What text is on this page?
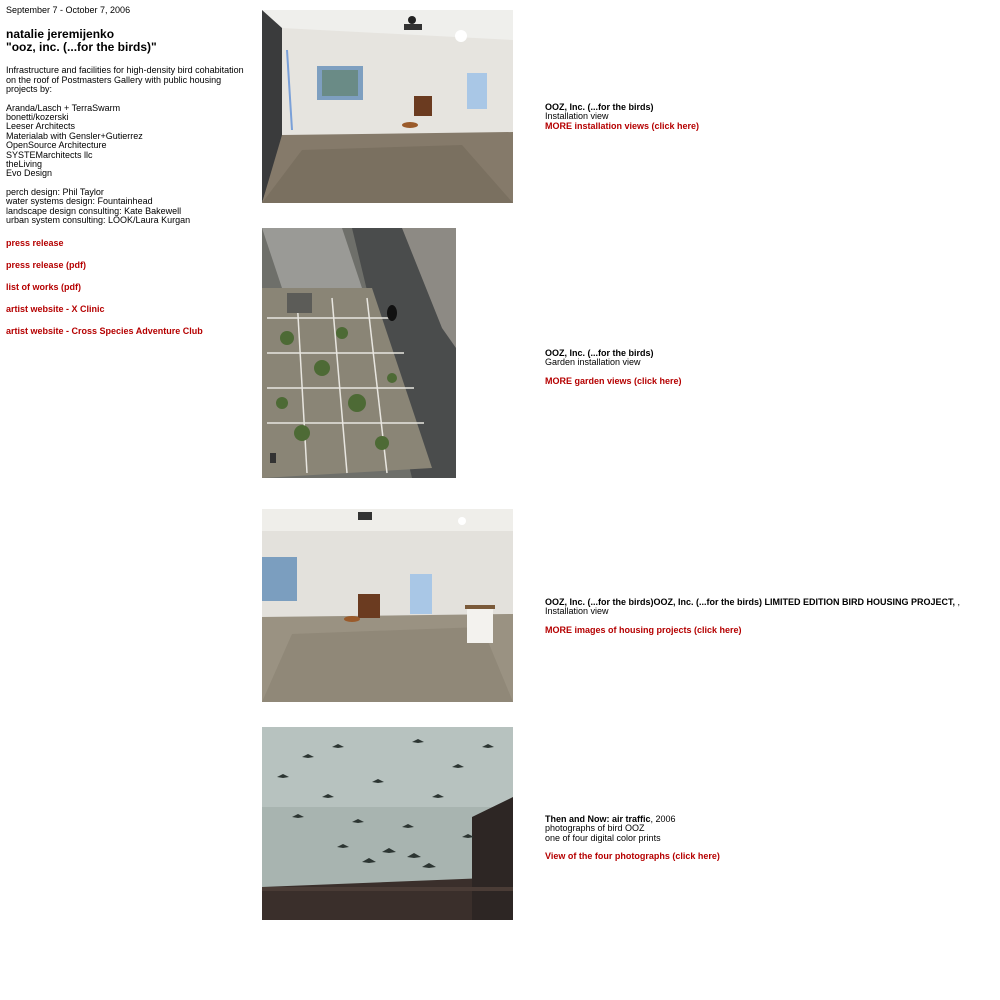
September 7 - October 7, 2006
natalie jeremijenko
"ooz, inc. (...for the birds)"
Infrastructure and facilities for high-density bird cohabitation on the roof of Postmasters Gallery with public housing projects by:
Aranda/Lasch + TerraSwarm
bonetti/kozerski
Leeser Architects
Materialab with Gensler+Gutierrez
OpenSource Architecture
SYSTEMarchitects llc
theLiving
Evo Design
perch design: Phil Taylor
water systems design: Fountainhead
landscape design consulting: Kate Bakewell
urban system consulting: LOOK/Laura Kurgan
press release
press release (pdf)
list of works (pdf)
artist website - X Clinic
artist website - Cross Species Adventure Club
OOZ, Inc. (...for the birds)
Installation view
MORE installation views (click here)
OOZ, Inc. (...for the birds)
Garden installation view
MORE garden views (click here)
OOZ, Inc. (...for the birds)OOZ, Inc. (...for the birds) LIMITED EDITION BIRD HOUSING PROJECT, ,
Installation view
MORE images of housing projects (click here)
Then and Now: air traffic, 2006
photographs of bird OOZ
one of four digital color prints
View of the four photographs (click here)
